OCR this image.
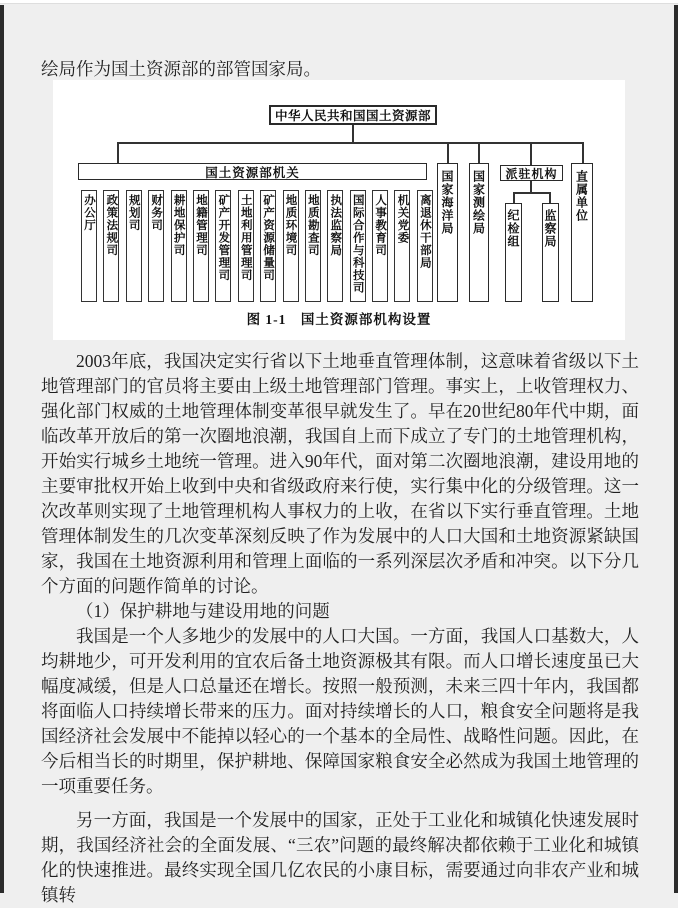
绘局作为国土资源部的部管国家局。
中华人民共和国国土资源部
国土资源部机关
办公厅 政策法规司 规划司 财务司 耕地保护司 地籍管理司 矿产开发管理司 土地利用管理司 矿产资源储量司 地质环境司 地质勘查司 执法监察局 国际合作与科技司 人事教育司 机关党委 离退休干部局 国家海洋局 国家测绘局	派驻机构
纪检组 监察局
直属单位
图 1-1　国土资源部机构设置

2003年底，我国决定实行省以下土地垂直管理体制，这意味着省级以下土地管理部门的官员将主要由上级土地管理部门管理。事实上，上收管理权力、强化部门权威的土地管理体制变革很早就发生了。早在20世纪80年代中期，面临改革开放后的第一次圈地浪潮，我国自上而下成立了专门的土地管理机构，开始实行城乡土地统一管理。进入90年代，面对第二次圈地浪潮，建设用地的主要审批权开始上收到中央和省级政府来行使，实行集中化的分级管理。这一次改革则实现了土地管理机构人事权力的上收，在省以下实行垂直管理。土地管理体制发生的几次变革深刻反映了作为发展中的人口大国和土地资源紧缺国家，我国在土地资源利用和管理上面临的一系列深层次矛盾和冲突。以下分几个方面的问题作简单的讨论。

（1）保护耕地与建设用地的问题

我国是一个人多地少的发展中的人口大国。一方面，我国人口基数大，人均耕地少，可开发利用的宜农后备土地资源极其有限。而人口增长速度虽已大幅度减缓，但是人口总量还在增长。按照一般预测，未来三四十年内，我国都将面临人口持续增长带来的压力。面对持续增长的人口，粮食安全问题将是我国经济社会发展中不能掉以轻心的一个基本的全局性、战略性问题。因此，在今后相当长的时期里，保护耕地、保障国家粮食安全必然成为我国土地管理的一项重要任务。

另一方面，我国是一个发展中的国家，正处于工业化和城镇化快速发展时期，我国经济社会的全面发展、“三农”问题的最终解决都依赖于工业化和城镇化的快速推进。最终实现全国几亿农民的小康目标，需要通过向非农产业和城镇转
